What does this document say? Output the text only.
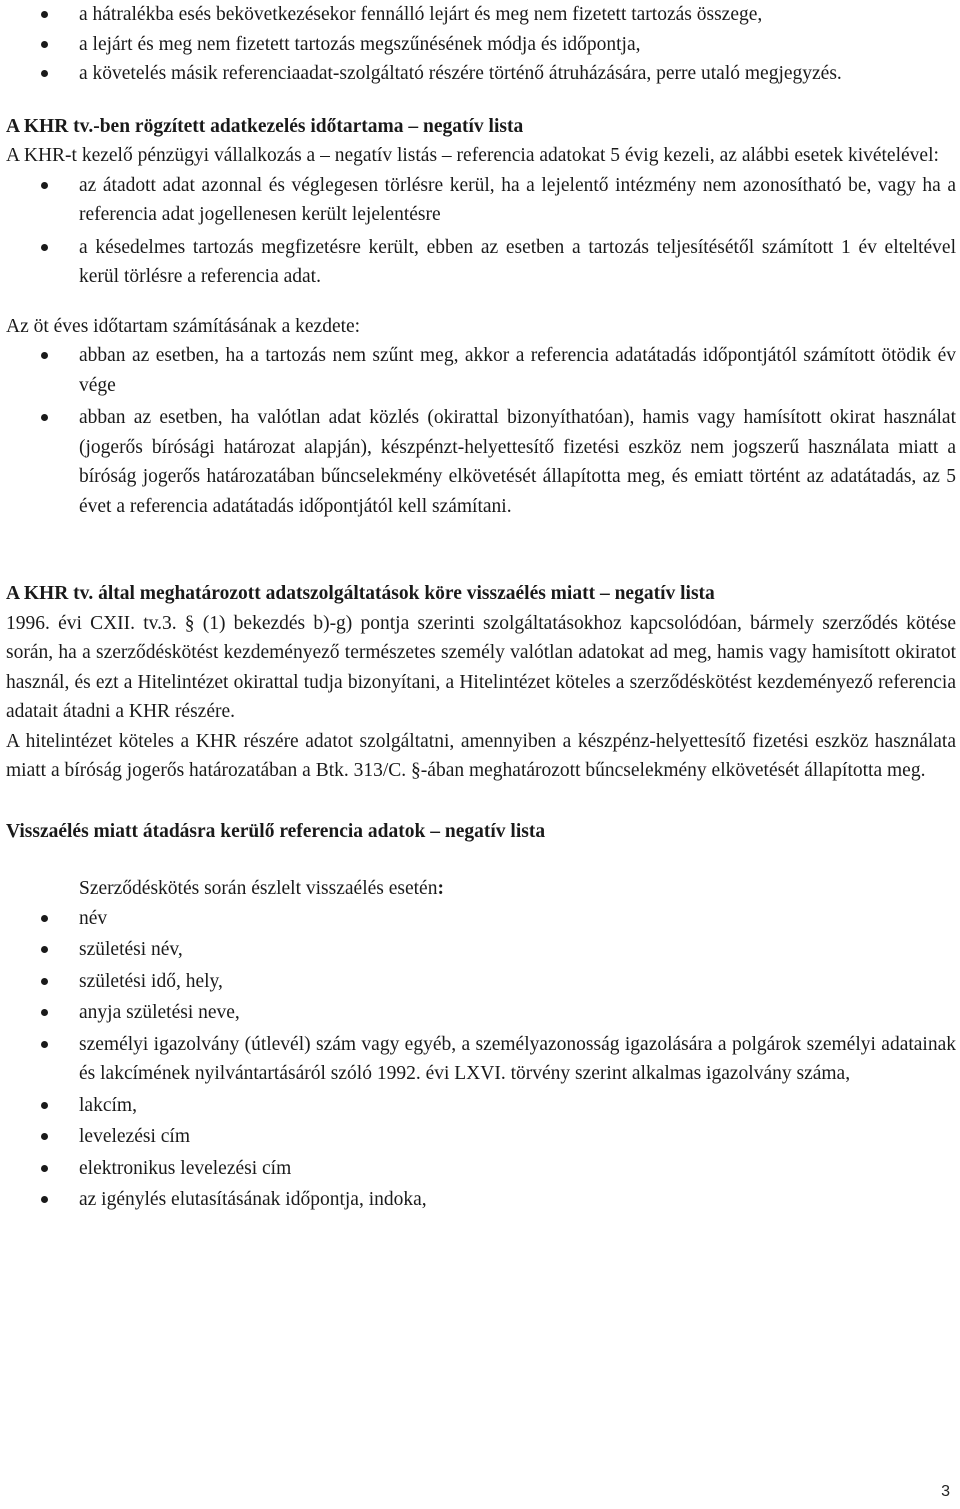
a hátralékba esés bekövetkezésekor fennálló lejárt és meg nem fizetett tartozás összege,
a lejárt és meg nem fizetett tartozás megszűnésének módja és időpontja,
a követelés másik referenciaadat-szolgáltató részére történő átruházására, perre utaló megjegyzés.
A KHR tv.-ben rögzített adatkezelés időtartama – negatív lista

A KHR-t kezelő pénzügyi vállalkozás a – negatív listás – referencia adatokat 5 évig kezeli, az alábbi esetek kivételével:

az átadott adat azonnal és véglegesen törlésre kerül, ha a lejelentő intézmény nem azonosítható be, vagy ha a referencia adat jogellenesen került lejelentésre
a késedelmes tartozás megfizetésre került, ebben az esetben a tartozás teljesítésétől számított 1 év elteltével kerül törlésre a referencia adat.

Az öt éves időtartam számításának a kezdete:

abban az esetben, ha a tartozás nem szűnt meg, akkor a referencia adatátadás időpontjától számított ötödik év vége
abban az esetben, ha valótlan adat közlés (okirattal bizonyíthatóan), hamis vagy hamísított okirat használat (jogerős bírósági határozat alapján), készpénzt-helyettesítő fizetési eszköz nem jogszerű használata miatt a bíróság jogerős határozatában bűncselekmény elkövetését állapította meg, és emiatt történt az adatátadás, az 5 évet a referencia adatátadás időpontjától kell számítani.
A KHR tv. által meghatározott adatszolgáltatások köre visszaélés miatt – negatív lista

1996. évi CXII. tv.3. § (1) bekezdés b)-g) pontja szerinti szolgáltatásokhoz kapcsolódóan, bármely szerződés kötése során, ha a szerződéskötést kezdeményező természetes személy valótlan adatokat ad meg, hamis vagy hamisított okiratot használ, és ezt a Hitelintézet okirattal tudja bizonyítani, a Hitelintézet köteles a szerződéskötést kezdeményező referencia adatait átadni a KHR részére.

A hitelintézet köteles a KHR részére adatot szolgáltatni, amennyiben a készpénz-helyettesítő fizetési eszköz használata miatt a bíróság jogerős határozatában a Btk. 313/C. §-ában meghatározott bűncselekmény elkövetését állapította meg.

Visszaélés miatt átadásra kerülő referencia adatok – negatív lista

Szerződéskötés során észlelt visszaélés esetén:

név
születési név,
születési idő, hely,
anyja születési neve,
személyi igazolvány (útlevél) szám vagy egyéb, a személyazonosság igazolására a polgárok személyi adatainak és lakcímének nyilvántartásáról szóló 1992. évi LXVI. törvény szerint alkalmas igazolvány száma,
lakcím,
levelezési cím
elektronikus levelezési cím
az igénylés elutasításának időpontja, indoka,
3
